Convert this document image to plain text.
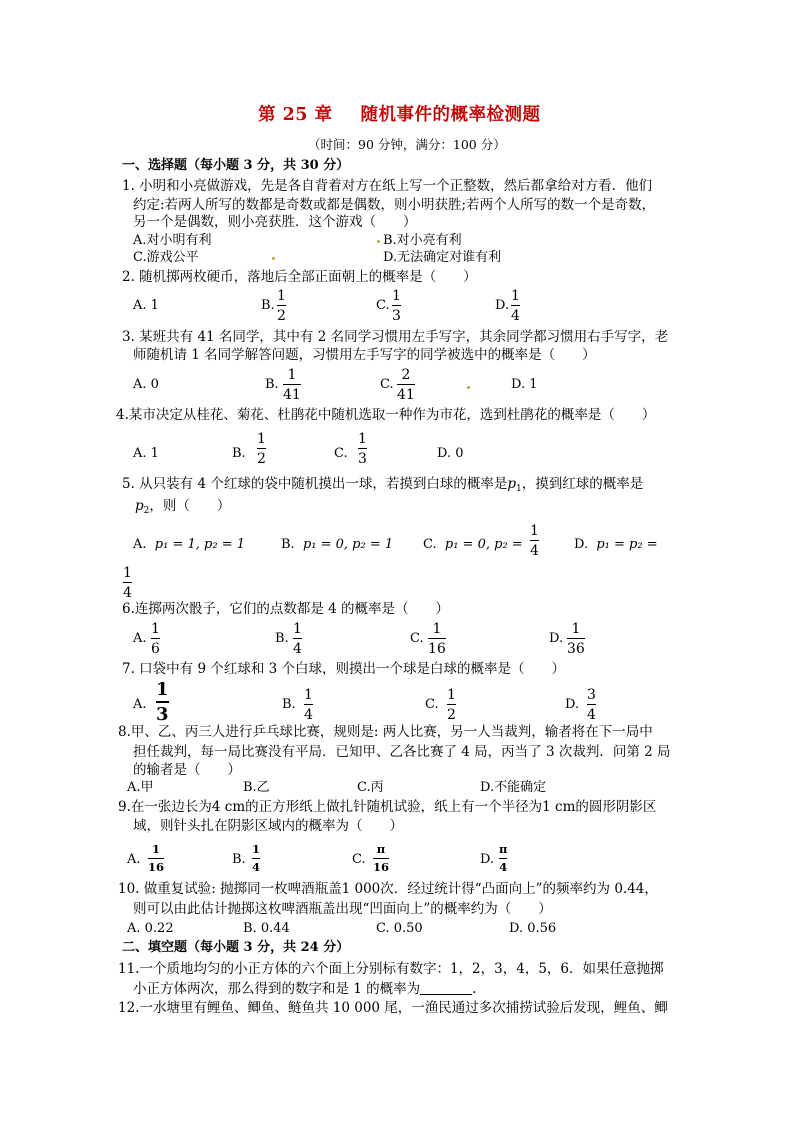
第 25 章 随机事件的概率检测题
（时间：90 分钟，满分：100 分）
一、选择题（每小题 3 分，共 30 分）
1. 小明和小亮做游戏，先是各自背着对方在纸上写一个正整数，然后都拿给对方看．他们
约定:若两人所写的数都是奇数或都是偶数，则小明获胜;若两个人所写的数一个是奇数，
另一个是偶数，则小亮获胜．这个游戏（　　）
A.对小明有利	B.对小亮有利
C.游戏公平	D.无法确定对谁有利
2. 随机掷两枚硬币，落地后全部正面朝上的概率是（　　）
A. 1	B.
1
2
C.
1
3
D.
1
4
3. 某班共有 41 名同学，其中有 2 名同学习惯用左手写字，其余同学都习惯用右手写字，老
师随机请 1 名同学解答问题，习惯用左手写字的同学被选中的概率是（　　）
A. 0	B.
1
41
C.
2
41
D. 1
4.某市决定从桂花、菊花、杜鹃花中随机选取一种作为市花，选到杜鹃花的概率是（　　）
A. 1	B.
1
2	C.
1
3	D. 0
5. 从只装有 4 个红球的袋中随机摸出一球，若摸到白球的概率是$p_1$，摸到红球的概率是
$p_2$，则（　　）
A. p₁ = 1, p₂ = 1	B. p₁ = 0, p₂ = 1 C. p₁ = 0, p₂ =
1
4	D. p₁ = p₂ =
1
4
6.连掷两次骰子，它们的点数都是 4 的概率是（　　）
A.
1
6
B.
1
4
C.
1
16
D.
1
36
7. 口袋中有 9 个红球和 3 个白球，则摸出一个球是白球的概率是（　　）
A.
1
3	B.
1
4
C.
1
2
D.
3
4
8.甲、乙、丙三人进行乒乓球比赛，规则是: 两人比赛，另一人当裁判，输者将在下一局中
担任裁判，每一局比赛没有平局．已知甲、乙各比赛了 4 局，丙当了 3 次裁判．问第 2 局
的输者是（　　）
A.甲	B.乙	C.丙	D.不能确定
9.在一张边长为4 cm的正方形纸上做扎针随机试验，纸上有一个半径为1 cm的圆形阴影区
域，则针头扎在阴影区域内的概率为（　　）
A.
1
16	B.
1
4	C.
π
16	D.
π
4
10. 做重复试验: 抛掷同一枚啤酒瓶盖1 000次．经过统计得“凸面向上”的频率约为 0.44，
则可以由此估计抛掷这枚啤酒瓶盖出现“凹面向上”的概率约为（　　）
A. 0.22	B. 0.44	C. 0.50	D. 0.56
二、填空题（每小题 3 分，共 24 分）
11.一个质地均匀的小正方体的六个面上分别标有数字：1，2，3，4，5，6．如果任意抛掷
小正方体两次，那么得到的数字和是 1 的概率为	.
12.一水塘里有鲤鱼、鲫鱼、鲢鱼共 10 000 尾，一渔民通过多次捕捞试验后发现，鲤鱼、鲫
